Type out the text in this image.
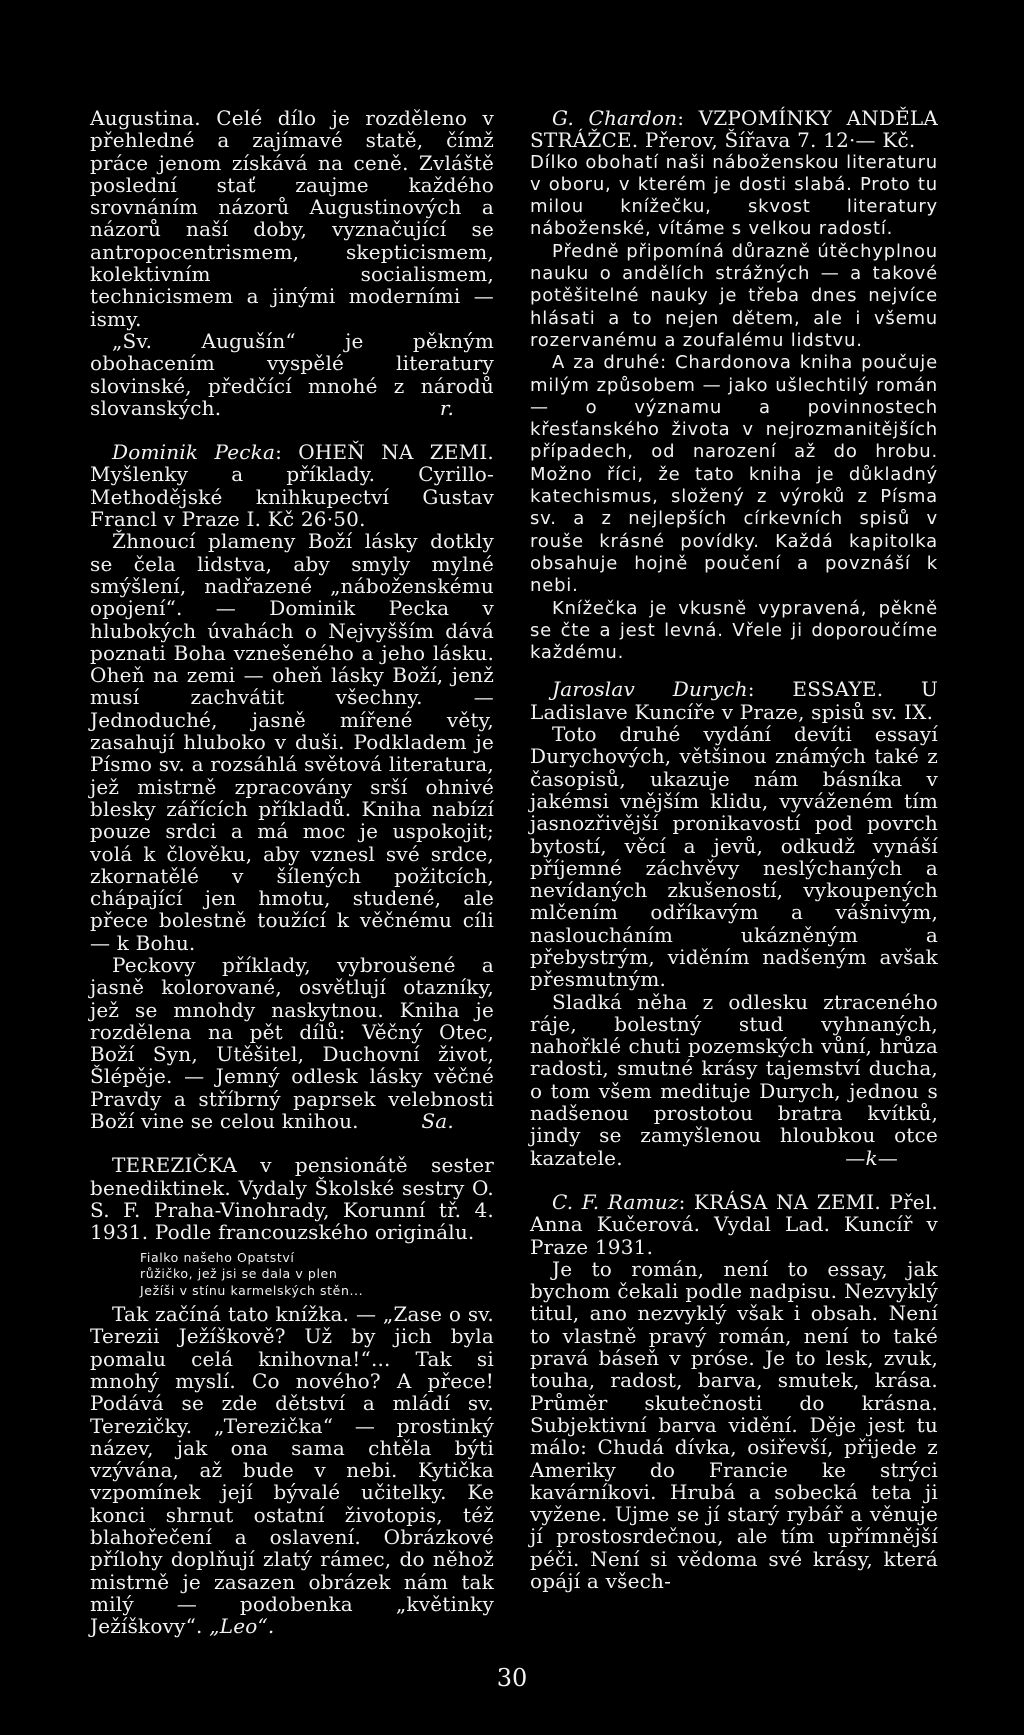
Augustina. Celé dílo je rozděleno v přehledné a zajímavé statě, čímž práce jenom získává na ceně. Zvláště poslední stať zaujme každého srovnáním názorů Augustinových a názorů naší doby, vyznačující se antropocentrismem, skepticismem, kolektivním socialismem, technicismem a jinými moderními —ismy.

„Sv. Augušín“ je pěkným obohacením vyspělé literatury slovinské, předčící mnohé z národů slovanských.	r.

Dominik Pecka: OHEŇ NA ZEMI. Myšlenky a příklady. Cyrillo-Methodějské knihkupectví Gustav Francl v Praze I. Kč 26·50.

Žhnoucí plameny Boží lásky dotkly se čela lidstva, aby smyly mylné smýšlení, nadřazené „náboženskému opojení“. — Dominik Pecka v hlubokých úvahách o Nejvyšším dává poznati Boha vznešeného a jeho lásku. Oheň na zemi — oheň lásky Boží, jenž musí zachvátit všechny. — Jednoduché, jasně mířené věty, zasahují hluboko v duši. Podkladem je Písmo sv. a rozsáhlá světová literatura, jež mistrně zpracovány srší ohnivé blesky zářících příkladů. Kniha nabízí pouze srdci a má moc je uspokojit; volá k člověku, aby vznesl své srdce, zkornatělé v šílených požitcích, chápající jen hmotu, studené, ale přece bolestně toužící k věčnému cíli — k Bohu.

Peckovy příklady, vybroušené a jasně kolorované, osvětlují otazníky, jež se mnohdy naskytnou. Kniha je rozdělena na pět dílů: Věčný Otec, Boží Syn, Utěšitel, Duchovní život, Šlépěje. — Jemný odlesk lásky věčné Pravdy a stříbrný paprsek velebnosti Boží vine se celou knihou.	Sa.

TEREZIČKA v pensionátě sester benediktinek. Vydaly Školské sestry O. S. F. Praha-Vinohrady, Korunní tř. 4. 1931. Podle francouzského originálu.

Fialko našeho Opatství
růžičko, jež jsi se dala v plen
Ježíši v stínu karmelských stěn...

Tak začíná tato knížka. — „Zase o sv. Terezii Ježíškově? Už by jich byla pomalu celá knihovna!“... Tak si mnohý myslí. Co nového? A přece! Podává se zde dětství a mládí sv. Terezičky. „Terezička“ — prostinký název, jak ona sama chtěla býti vzývána, až bude v nebi. Kytička vzpomínek její bývalé učitelky. Ke konci shrnut ostatní životopis, též blahořečení a oslavení. Obrázkové přílohy doplňují zlatý rámec, do něhož mistrně je zasazen obrázek nám tak milý — podobenka „květinky Ježíškovy“. „Leo“.

G. Chardon: VZPOMÍNKY ANDĚLA STRÁŽCE. Přerov, Šířava 7. 12·— Kč.

Dílko obohatí naši náboženskou literaturu v oboru, v kterém je dosti slabá. Proto tu milou knížečku, skvost literatury náboženské, vítáme s velkou radostí.

Předně připomíná důrazně útěchyplnou nauku o andělích strážných — a takové potěšitelné nauky je třeba dnes nejvíce hlásati a to nejen dětem, ale i všemu rozervanému a zoufalému lidstvu.

A za druhé: Chardonova kniha poučuje milým způsobem — jako ušlechtilý román — o významu a povinnostech křesťanského života v nejrozmanitějších případech, od narození až do hrobu. Možno říci, že tato kniha je důkladný katechismus, složený z výroků z Písma sv. a z nejlepších církevních spisů v rouše krásné povídky. Každá kapitolka obsahuje hojně poučení a povznáší k nebi.

Knížečka je vkusně vypravená, pěkně se čte a jest levná. Vřele ji doporoučíme každému.

Jaroslav Durych: ESSAYE. U Ladislave Kuncíře v Praze, spisů sv. IX.

Toto druhé vydání devíti essayí Durychových, většinou známých také z časopisů, ukazuje nám básníka v jakémsi vnějším klidu, vyváženém tím jasnozřivější pronikavostí pod povrch bytostí, věcí a jevů, odkudž vynáší příjemné záchvěvy neslýchaných a nevídaných zkušeností, vykoupených mlčením odříkavým a vášnivým, nasloucháním ukázněným a přebystrým, viděním nadšeným avšak přesmutným.

Sladká něha z odlesku ztraceného ráje, bolestný stud vyhnaných, nahořklé chuti pozemských vůní, hrůza radosti, smutné krásy tajemství ducha, o tom všem medituje Durych, jednou s nadšenou prostotou bratra kvítků, jindy se zamyšlenou hloubkou otce kazatele.	—k—

C. F. Ramuz: KRÁSA NA ZEMI. Přel. Anna Kučerová. Vydal Lad. Kuncíř v Praze 1931.

Je to román, není to essay, jak bychom čekali podle nadpisu. Nezvyklý titul, ano nezvyklý však i obsah. Není to vlastně pravý román, není to také pravá báseň v próse. Je to lesk, zvuk, touha, radost, barva, smutek, krása. Průměr skutečnosti do krásna. Subjektivní barva vidění. Děje jest tu málo: Chudá dívka, osiřevší, přijede z Ameriky do Francie ke strýci kavárníkovi. Hrubá a sobecká teta ji vyžene. Ujme se jí starý rybář a věnuje jí prostosrdečnou, ale tím upřímnější péči. Není si vědoma své krásy, která opájí a všech-

30
